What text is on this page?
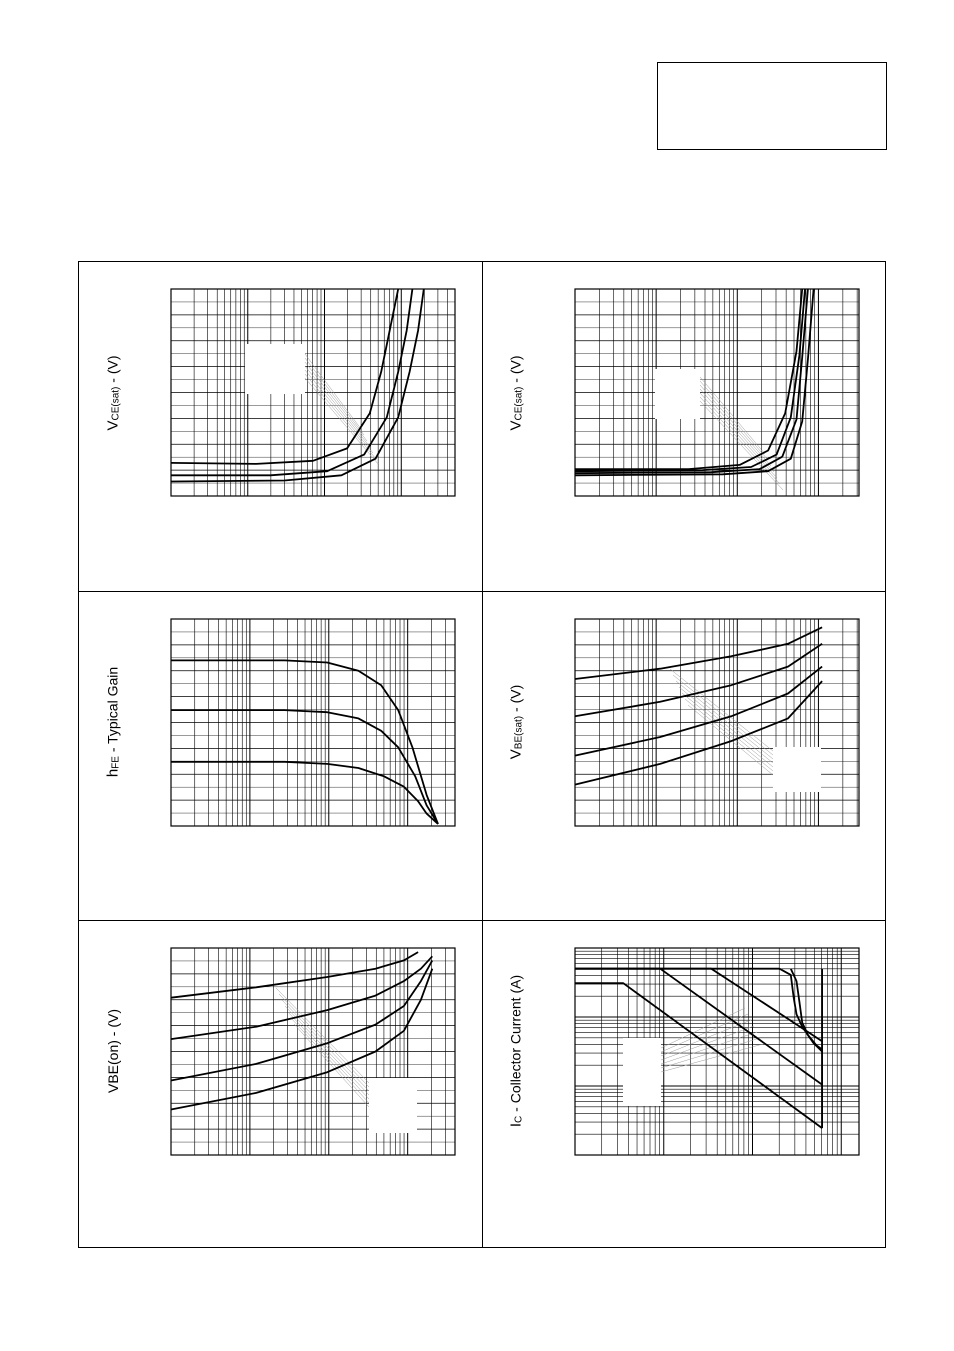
$V_{CE(sat)} - (V)$
$V_{CE(sat)} - (V)$
$h_{FE}$ - Typical Gain	$V_{BE(sat)} - (V)$
VBE(on) - (V)
$I_C$ - Collector Current (A)
